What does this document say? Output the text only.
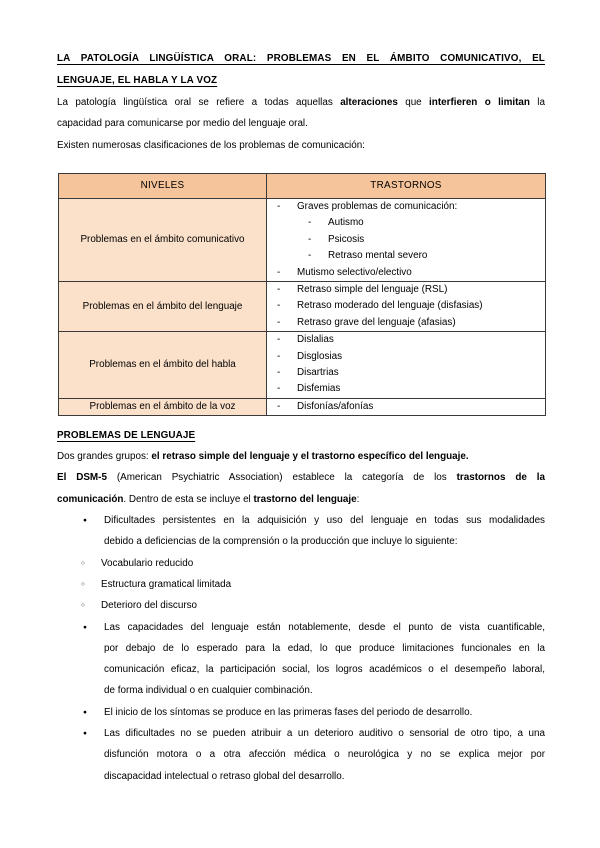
LA PATOLOGÍA LINGÜÍSTICA ORAL: PROBLEMAS EN EL ÁMBITO COMUNICATIVO, EL
LENGUAJE, EL HABLA Y LA VOZ

La patología lingüística oral se refiere a todas aquellas alteraciones que interfieren o limitan la

capacidad para comunicarse por medio del lenguaje oral.

Existen numerosas clasificaciones de los problemas de comunicación:

NIVELES	TRASTORNOS
Problemas en el ámbito comunicativo	
- Graves problemas de comunicación:
- Autismo
- Psicosis
- Retraso mental severo
- Mutismo selectivo/electivo

Problemas en el ámbito del lenguaje	
- Retraso simple del lenguaje (RSL)
- Retraso moderado del lenguaje (disfasias)
- Retraso grave del lenguaje (afasias)

Problemas en el ámbito del habla	
- Dislalias
- Disglosias
- Disartrias
- Disfemias

Problemas en el ámbito de la voz	
-Disfonías/afonías
PROBLEMAS DE LENGUAJE

Dos grandes grupos: el retraso simple del lenguaje y el trastorno específico del lenguaje.

El DSM-5 (American Psychiatric Association) establece la categoría de los trastornos de la

comunicación. Dentro de esta se incluye el trastorno del lenguaje:

● Dificultades persistentes en la adquisición y uso del lenguaje en todas sus modalidades
debido a deficiencias de la comprensión o la producción que incluye lo siguiente:
○ Vocabulario reducido
○ Estructura gramatical limitada
○ Deterioro del discurso
● Las capacidades del lenguaje están notablemente, desde el punto de vista cuantificable,
por debajo de lo esperado para la edad, lo que produce limitaciones funcionales en la
comunicación eficaz, la participación social, los logros académicos o el desempeño laboral,
de forma individual o en cualquier combinación.
● El inicio de los síntomas se produce en las primeras fases del periodo de desarrollo.
● Las dificultades no se pueden atribuir a un deterioro auditivo o sensorial de otro tipo, a una
disfunción motora o a otra afección médica o neurológica y no se explica mejor por
discapacidad intelectual o retraso global del desarrollo.
